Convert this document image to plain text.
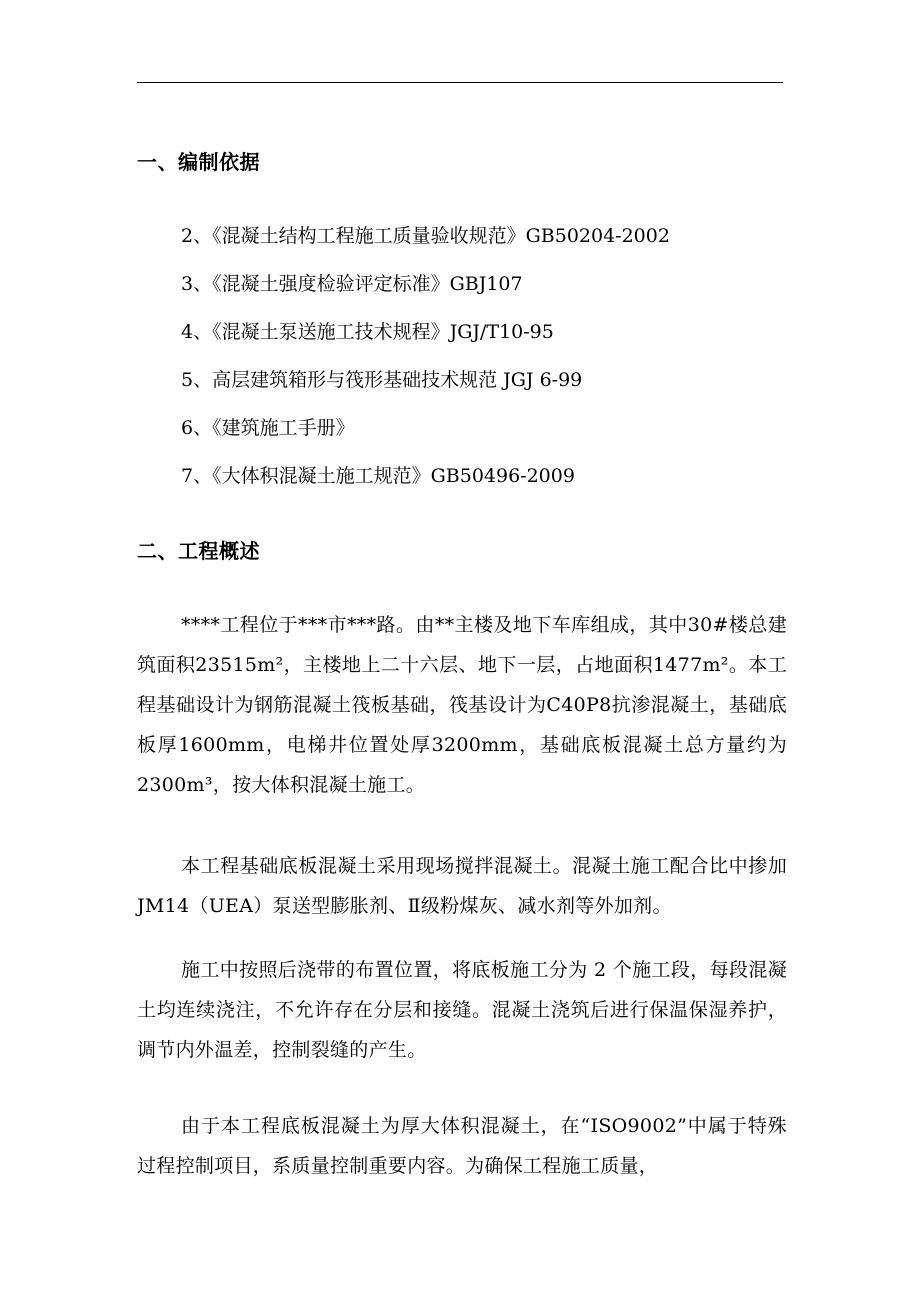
一、编制依据
2、《混凝土结构工程施工质量验收规范》GB50204-2002
3、《混凝土强度检验评定标准》GBJ107
4、《混凝土泵送施工技术规程》JGJ/T10-95
5、高层建筑箱形与筏形基础技术规范 JGJ 6-99
6、《建筑施工手册》
7、《大体积混凝土施工规范》GB50496-2009
二、工程概述

****工程位于***市***路。由**主楼及地下车库组成，其中30#楼总建筑面积23515m²，主楼地上二十六层、地下一层，占地面积1477m²。本工程基础设计为钢筋混凝土筏板基础，筏基设计为C40P8抗渗混凝土，基础底板厚1600mm，电梯井位置处厚3200mm，基础底板混凝土总方量约为2300m³，按大体积混凝土施工。

本工程基础底板混凝土采用现场搅拌混凝土。混凝土施工配合比中掺加 JM14（UEA）泵送型膨胀剂、Ⅱ级粉煤灰、减水剂等外加剂。

施工中按照后浇带的布置位置，将底板施工分为 2 个施工段，每段混凝土均连续浇注，不允许存在分层和接缝。混凝土浇筑后进行保温保湿养护，调节内外温差，控制裂缝的产生。

由于本工程底板混凝土为厚大体积混凝土，在“ISO9002”中属于特殊过程控制项目，系质量控制重要内容。为确保工程施工质量，
